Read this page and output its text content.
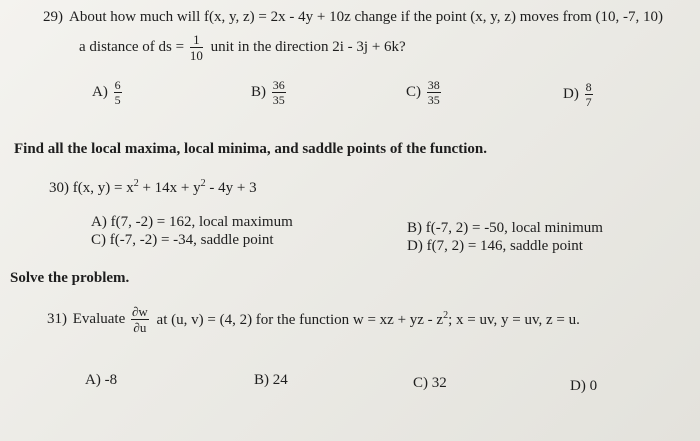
29) About how much will f(x, y, z) = 2x - 4y + 10z change if the point (x, y, z) moves from (10, -7, 10)
a distance of ds = $\frac{1}{10}$ unit in the direction 2i - 3j + 6k?
$A) \frac{6}{5}$	$B) \frac{36}{35}$	$C) \frac{38}{35}$	$D) \frac{8}{7}$
Find all the local maxima, local minima, and saddle points of the function.
30) f(x, $y) = x^2 + 14x + y^2 - 4y + 3$
A) f(7, -2) = 162, local maximum	B) f(-7, 2) = -50, local minimum
C) f(-7, -2) = -34, saddle point	D) f(7, 2) = 146, saddle point
Solve the problem.
31) Evaluate $\frac{\partial w}{\partial u}$ at (u, v) = (4, 2) for the function w = xz + yz - $z^2$; x = uv, y = uv, z = u.
A) -8	B) 24	C) 32	D) 0
